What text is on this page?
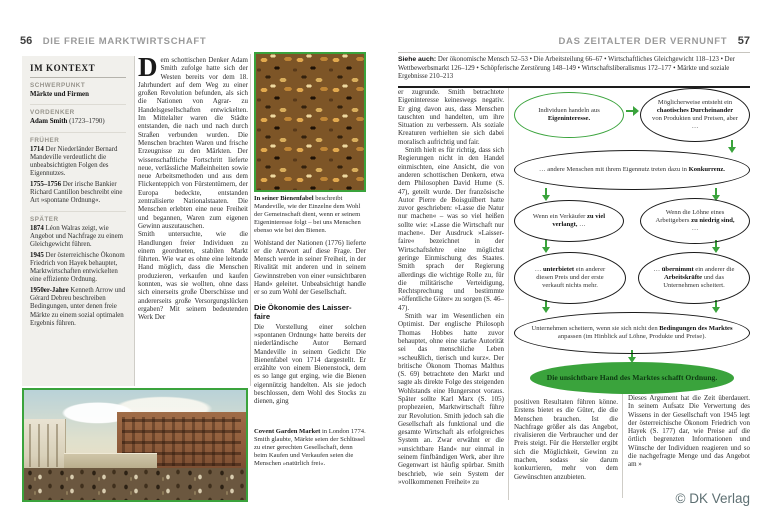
56 DIE FREIE MARKTWIRTSCHAFT	DAS ZEITALTER DER VERNUNFT 57
IM KONTEXT
SCHWERPUNKT

Märkte und Firmen

VORDENKER

Adam Smith (1723–1790)

FRÜHER

1714 Der Niederländer Bernard Mandeville verdeutlicht die unbeabsichtigten Folgen des Eigennutzes.

1755–1756 Der irische Bankier Richard Cantillon beschreibt eine Art »spontane Ordnung«.

SPÄTER

1874 Léon Walras zeigt, wie Angebot und Nachfrage zu einem Gleichgewicht führen.

1945 Der österreichische Ökonom Friedrich von Hayek behauptet, Marktwirtschaften entwickelten eine effiziente Ordnung.

1950er-Jahre Kenneth Arrow und Gérard Debreu beschreiben Bedingungen, unter denen freie Märkte zu einem sozial optimalen Ergebnis führen.

Dem schottischen Denker Adam Smith zufolge hatte sich der Westen bereits vor dem 18. Jahrhundert auf dem Weg zu einer großen Revolution befunden, als sich die Nationen von Agrar- zu Handelsgesellschaften entwickelten. Im Mittelalter waren die Städte entstanden, die nach und nach durch Straßen verbunden wurden. Die Menschen brachten Waren und frische Erzeugnisse zu den Märkten. Der wissenschaftliche Fortschritt lieferte neue, verlässliche Maßeinheiten sowie neue Arbeitsmethoden und aus dem Flickenteppich von Fürstentümern, der Europa bedeckte, entstanden zentralisierte Nationalstaaten. Die Menschen erlebten eine neue Freiheit und begannen, Waren zum eigenen Gewinn auszutauschen.

Smith untersuchte, wie die Handlungen freier Individuen zu einem geordneten, stabilen Markt führten. Wie war es ohne eine leitende Hand möglich, dass die Menschen produzieren, verkaufen und kaufen konnten, was sie wollten, ohne dass sich einerseits große Überschüsse und andererseits große Versorgungslücken ergaben? Mit seinem bedeutenden Werk Der

In seiner Bienenfabel beschreibt Mandeville, wie der Einzelne dem Wohl der Gemeinschaft dient, wenn er seinem Eigeninteresse folgt – bei uns Menschen ebenso wie bei den Bienen.

Wohlstand der Nationen (1776) lieferte er die Antwort auf diese Frage. Der Mensch werde in seiner Freiheit, in der Rivalität mit anderen und in seinem Gewinnstreben von einer »unsichtbaren Hand« geleitet. Unbeabsichtigt handle er so zum Wohl der Gesellschaft.

Die Ökonomie des Laisser-faire

Die Vorstellung einer solchen »spontanen Ordnung« hatte bereits der niederländische Autor Bernard Mandeville in seinem Gedicht Die Bienenfabel von 1714 dargestellt. Er erzählte von einem Bienenstock, dem es so lange gut erging, wie die Bienen eigennützig handelten. Als sie jedoch beschlossen, dem Wohl des Stocks zu dienen, ging

Covent Garden Market in London 1774. Smith glaubte, Märkte seien der Schlüssel zu einer gerechten Gesellschaft, denn beim Kaufen und Verkaufen seien die Menschen »natürlich frei«.

Siehe auch: Der ökonomische Mensch 52–53 • Die Arbeitsteilung 66–67 • Wirtschaftliches Gleichgewicht 118–123 • Der Wettbewerbsmarkt 126–129 • Schöpferische Zerstörung 148–149 • Wirtschaftsliberalismus 172–177 • Märkte und soziale Ergebnisse 210–213

er zugrunde. Smith betrachtete Eigeninteresse keineswegs negativ. Er ging davon aus, dass Menschen tauschten und handelten, um ihre Situation zu verbessern. Als soziale Kreaturen verhielten sie sich dabei moralisch aufrichtig und fair.

Smith hielt es für richtig, dass sich Regierungen nicht in den Handel einmischten, eine Ansicht, die von anderen schottischen Denkern, etwa dem Philosophen David Hume (S. 47), geteilt wurde. Der französische Autor Pierre de Boisguilbert hatte zuvor geschrieben: »Lasse die Natur nur machen« – was so viel heißen sollte wie: »Lasse die Wirtschaft nur machen«. Der Ausdruck »Laisser-faire« bezeichnet in der Wirtschaftslehre eine möglichst geringe Einmischung des Staates. Smith sprach der Regierung allerdings die wichtige Rolle zu, für die militärische Verteidigung, Rechtsprechung und bestimmte »öffentliche Güter« zu sorgen (S. 46–47).

Smith war im Wesentlichen ein Optimist. Der englische Philosoph Thomas Hobbes hatte zuvor behauptet, ohne eine starke Autorität sei das menschliche Leben »scheußlich, tierisch und kurz«. Der britische Ökonom Thomas Malthus (S. 69) betrachtete den Markt und sagte als direkte Folge des steigenden Wohlstands eine Hungersnot voraus. Später sollte Karl Marx (S. 105) prophezeien, Marktwirtschaft führe zur Revolution. Smith jedoch sah die Gesellschaft als funktional und die gesamte Wirtschaft als erfolgreiches System an. Zwar erwähnt er die »unsichtbare Hand« nur einmal in seinem fünfbändigen Werk, aber ihre Gegenwart ist häufig spürbar. Smith beschrieb, wie sein System der »vollkommenen Freiheit« zu

positiven Resultaten führen könne. Erstens bietet es die Güter, die die Menschen brauchen. Ist die Nachfrage größer als das Angebot, rivalisieren die Verbraucher und der Preis steigt. Für die Hersteller ergibt sich die Möglichkeit, Gewinn zu machen, sodass sie darum konkurrieren, mehr von dem Gewünschten anzubieten.

Dieses Argument hat die Zeit überdauert. In seinem Aufsatz Die Verwertung des Wissens in der Gesellschaft von 1945 legt der österreichische Ökonom Friedrich von Hayek (S. 177) dar, wie Preise auf die örtlich begrenzten Informationen und Wünsche der Individuen reagieren und so die nachgefragte Menge und das Angebot am »

Individuen handeln aus Eigeninteresse.
Möglicherweise entsteht ein chaotisches Durcheinander von Produkten und Preisen, aber …
… andere Menschen mit ihrem Eigennutz treten dazu in Konkurrenz.
Wenn ein Verkäufer zu viel verlangt, …
Wenn die Löhne eines Arbeitgebers zu niedrig sind, …
… unterbietet ein anderer diesen Preis und der erste verkauft nichts mehr.
… übernimmt ein anderer die Arbeitskräfte und das Unternehmen scheitert.
Unternehmen scheitern, wenn sie sich nicht den Bedingungen des Marktes anpassen (im Hinblick auf Löhne, Produkte und Preise).
Die unsichtbare Hand des Marktes schafft Ordnung.
© DK Verlag
